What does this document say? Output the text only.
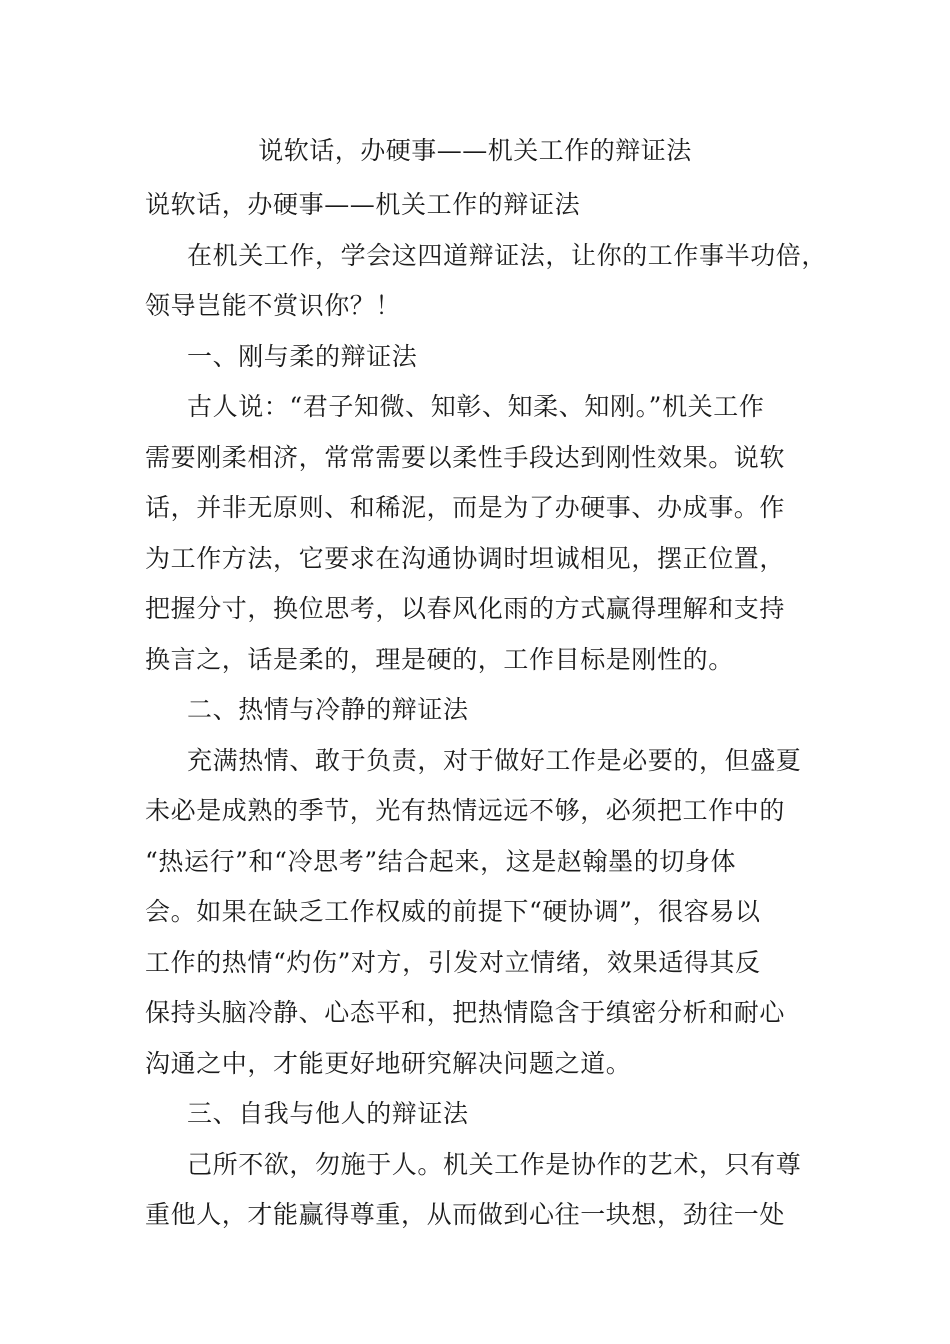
说软话，办硬事——机关工作的辩证法
说软话，办硬事——机关工作的辩证法
在机关工作，学会这四道辩证法，让你的工作事半功倍，
领导岂能不赏识你？！
一、刚与柔的辩证法
古人说：“君子知微、知彰、知柔、知刚。”机关工作
需要刚柔相济，常常需要以柔性手段达到刚性效果。说软
话，并非无原则、和稀泥，而是为了办硬事、办成事。作
为工作方法，它要求在沟通协调时坦诚相见，摆正位置，
把握分寸，换位思考，以春风化雨的方式赢得理解和支持
换言之，话是柔的，理是硬的，工作目标是刚性的。
二、热情与冷静的辩证法
充满热情、敢于负责，对于做好工作是必要的，但盛夏
未必是成熟的季节，光有热情远远不够，必须把工作中的
“热运行”和“冷思考”结合起来，这是赵翰墨的切身体
会。如果在缺乏工作权威的前提下“硬协调”，很容易以
工作的热情“灼伤”对方，引发对立情绪，效果适得其反
保持头脑冷静、心态平和，把热情隐含于缜密分析和耐心
沟通之中，才能更好地研究解决问题之道。
三、自我与他人的辩证法
己所不欲，勿施于人。机关工作是协作的艺术，只有尊
重他人，才能赢得尊重，从而做到心往一块想，劲往一处
